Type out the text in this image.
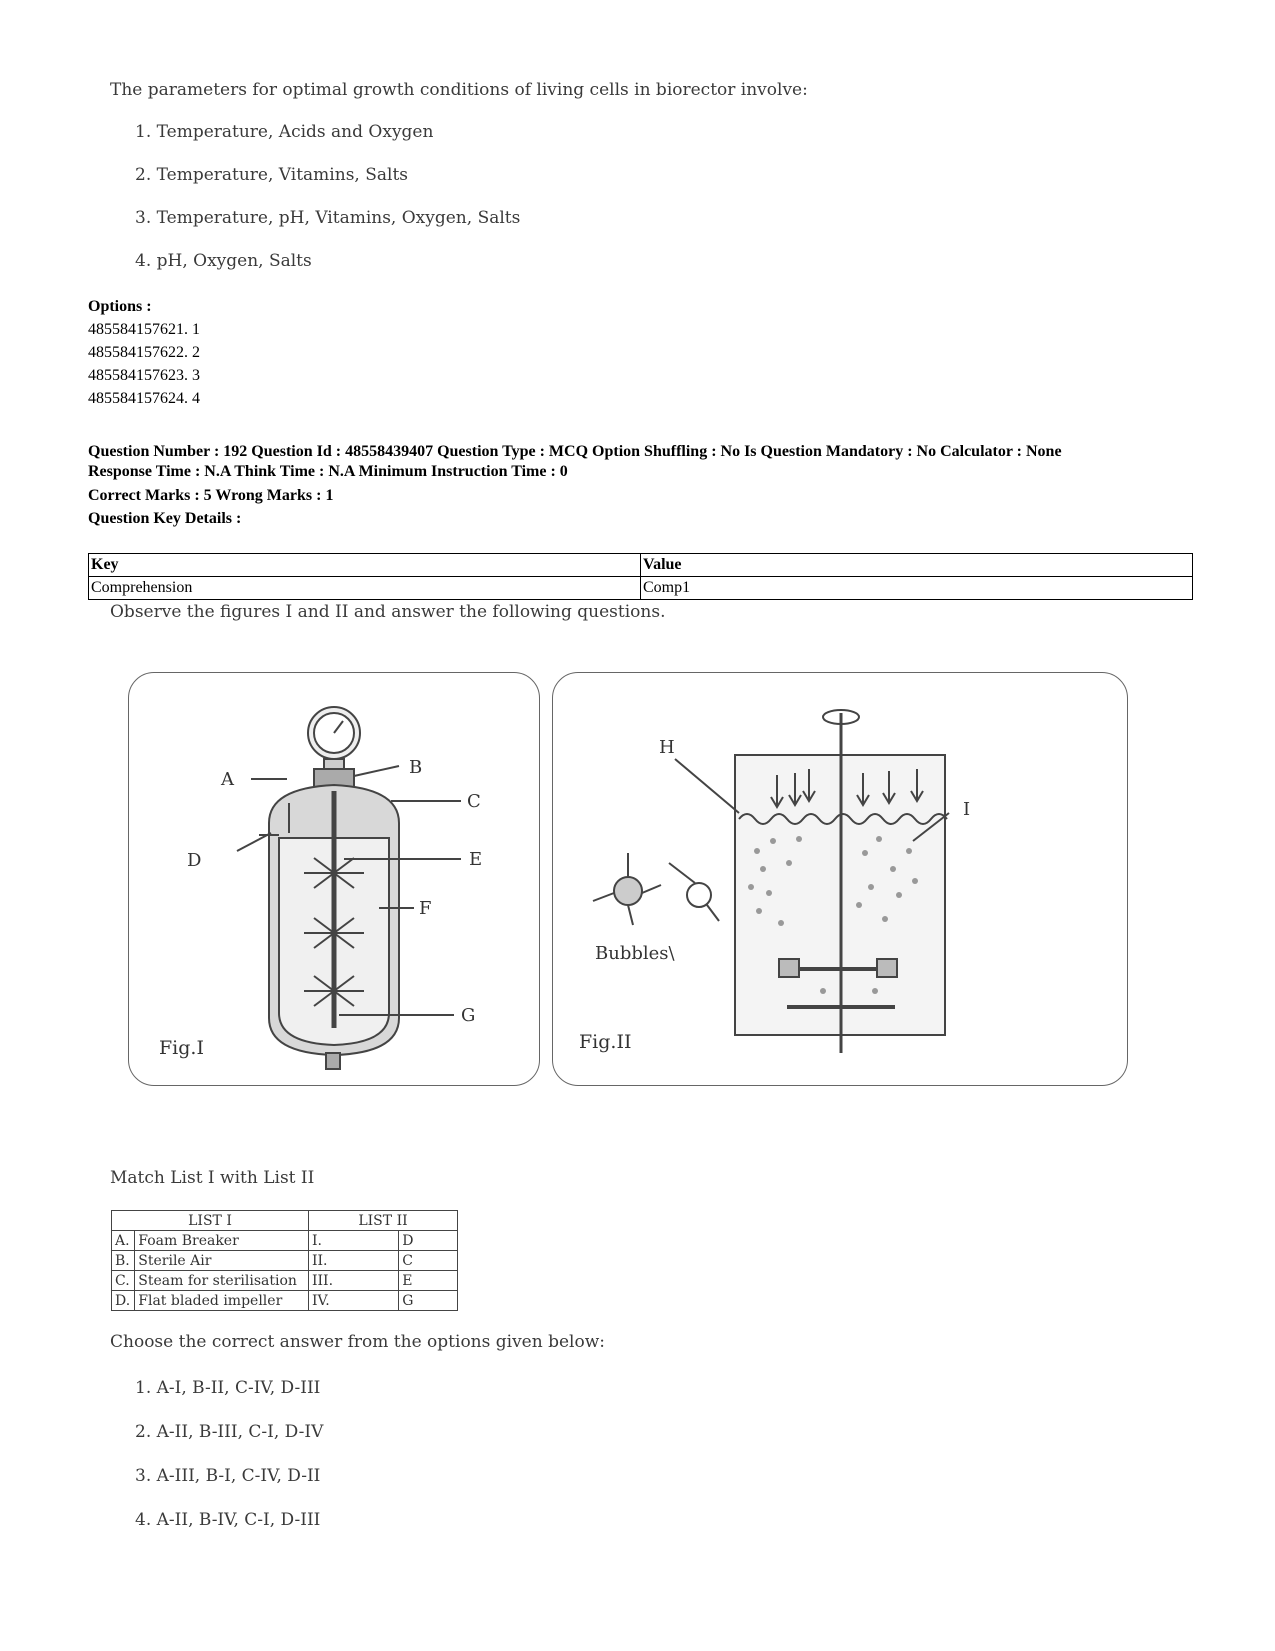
The parameters for optimal growth conditions of living cells in biorector involve:
1. Temperature, Acids and Oxygen
2. Temperature, Vitamins, Salts
3. Temperature, pH, Vitamins, Oxygen, Salts
4. pH, Oxygen, Salts
Options :
485584157621. 1
485584157622. 2
485584157623. 3
485584157624. 4
Question Number : 192 Question Id : 48558439407 Question Type : MCQ Option Shuffling : No Is Question Mandatory : No Calculator : None
Response Time : N.A Think Time : N.A Minimum Instruction Time : 0
Correct Marks : 5 Wrong Marks : 1
Question Key Details :
Key	Value
Comprehension	Comp1
Observe the figures I and II and answer the following questions.
A
B
C
D	E
F
G
Fig.I
H
I
Bubbles\
Fig.II
Match List I with List II
LIST I		LIST II	
A.	Foam Breaker	I.	D
B.	Sterile Air	II.	C
C.	Steam for sterilisation	III.	E
D.	Flat bladed impeller	IV.	G
Choose the correct answer from the options given below:
1. A-I, B-II, C-IV, D-III
2. A-II, B-III, C-I, D-IV
3. A-III, B-I, C-IV, D-II
4. A-II, B-IV, C-I, D-III
